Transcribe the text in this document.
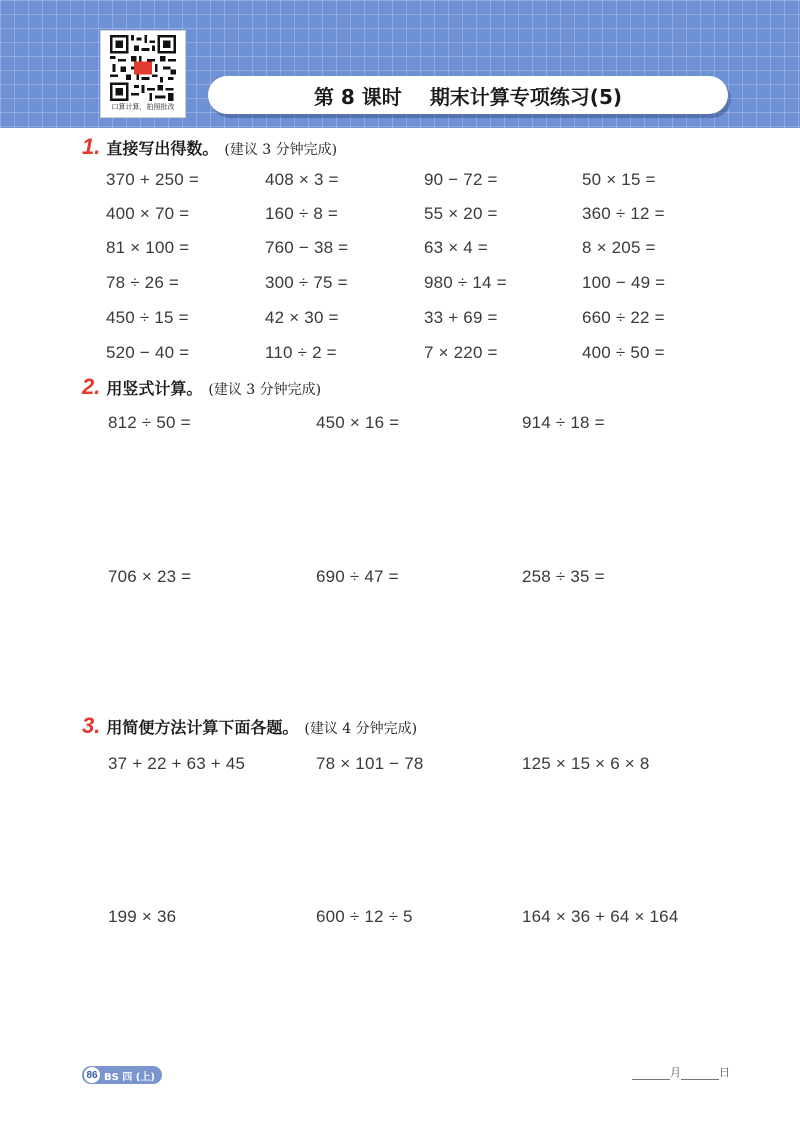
口算计算，拍照批改	第 8 课时 期末计算专项练习(5)
1. 直接写出得数。 (建议 3 分钟完成)
370 + 250 =	408 × 3 =	90 − 72 =	50 × 15 =
400 × 70 =	160 ÷ 8 =	55 × 20 =	360 ÷ 12 =
81 × 100 =	760 − 38 =	63 × 4 =	8 × 205 =
78 ÷ 26 =	300 ÷ 75 =	980 ÷ 14 =	100 − 49 =
450 ÷ 15 =	42 × 30 =	33 + 69 =	660 ÷ 22 =
520 − 40 =	110 ÷ 2 =	7 × 220 =	400 ÷ 50 =
2. 用竖式计算。 (建议 3 分钟完成)
812 ÷ 50 =	450 × 16 =	914 ÷ 18 =
706 × 23 =	690 ÷ 47 =	258 ÷ 35 =
3. 用简便方法计算下面各题。 (建议 4 分钟完成)
37 + 22 + 63 + 45	78 × 101 − 78	125 × 15 × 6 × 8
199 × 36	600 ÷ 12 ÷ 5	164 × 36 + 64 × 164
86 BS 四 (上)	月	日
